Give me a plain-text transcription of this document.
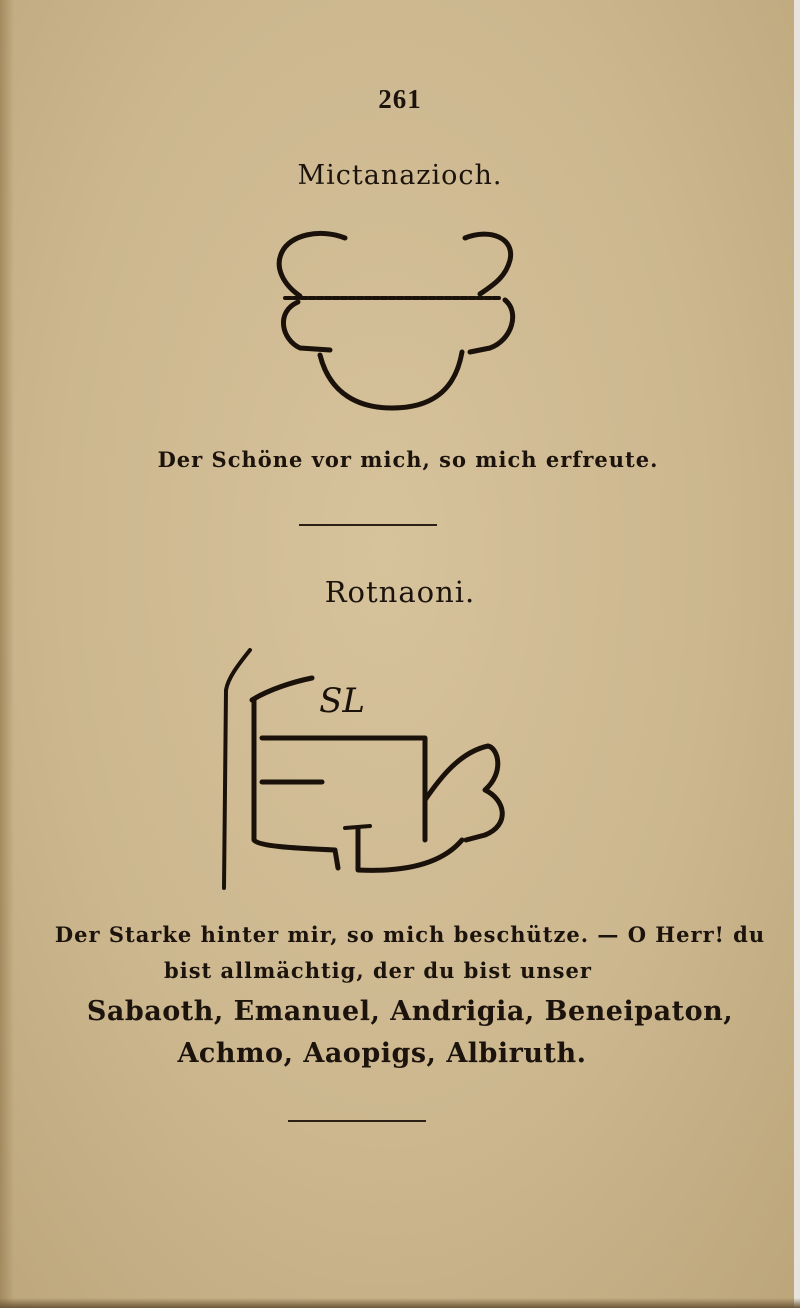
261
Mictanazioch.
Der Schöne vor mich, so mich erfreute.
Rotnaoni.
SL
Der Starke hinter mir, so mich beschütze. — O Herr! du
bist allmächtig, der du bist unser
Sabaoth, Emanuel, Andrigia, Beneipaton,
Achmo, Aaopigs, Albiruth.
